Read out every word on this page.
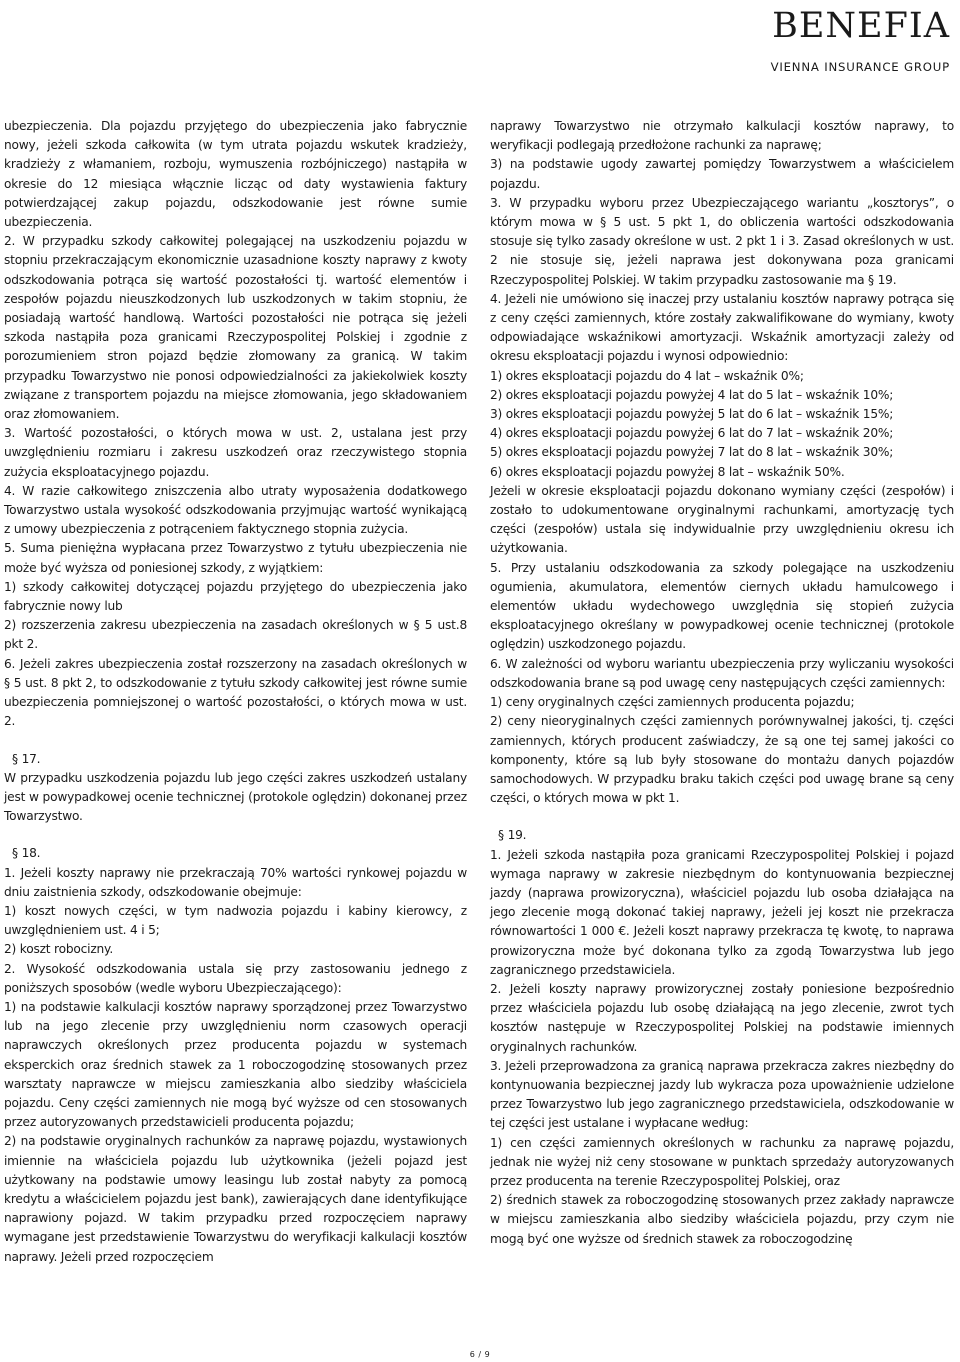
BENEFIA
VIENNA INSURANCE GROUP

ubezpieczenia. Dla pojazdu przyjętego do ubezpieczenia jako fabrycznie nowy, jeżeli szkoda całkowita (w tym utrata pojazdu wskutek kradzieży, kradzieży z włamaniem, rozboju, wymuszenia rozbójniczego) nastąpiła w okresie do 12 miesiąca włącznie licząc od daty wystawienia faktury potwierdzającej zakup pojazdu, odszkodowanie jest równe sumie ubezpieczenia.

2. W przypadku szkody całkowitej polegającej na uszkodzeniu pojazdu w stopniu przekraczającym ekonomicznie uzasadnione koszty naprawy z kwoty odszkodowania potrąca się wartość pozostałości tj. wartość elementów i zespołów pojazdu nieuszkodzonych lub uszkodzonych w takim stopniu, że posiadają wartość handlową. Wartości pozostałości nie potrąca się jeżeli szkoda nastąpiła poza granicami Rzeczypospolitej Polskiej i zgodnie z porozumieniem stron pojazd będzie złomowany za granicą. W takim przypadku Towarzystwo nie ponosi odpowiedzialności za jakiekolwiek koszty związane z transportem pojazdu na miejsce złomowania, jego składowaniem oraz złomowaniem.

3. Wartość pozostałości, o których mowa w ust. 2, ustalana jest przy uwzględnieniu rozmiaru i zakresu uszkodzeń oraz rzeczywistego stopnia zużycia eksploatacyjnego pojazdu.

4. W razie całkowitego zniszczenia albo utraty wyposażenia dodatkowego Towarzystwo ustala wysokość odszkodowania przyjmując wartość wynikającą z umowy ubezpieczenia z potrąceniem faktycznego stopnia zużycia.

5. Suma pieniężna wypłacana przez Towarzystwo z tytułu ubezpieczenia nie może być wyższa od poniesionej szkody, z wyjątkiem:

1) szkody całkowitej dotyczącej pojazdu przyjętego do ubezpieczenia jako fabrycznie nowy lub

2) rozszerzenia zakresu ubezpieczenia na zasadach określonych w § 5 ust.8 pkt 2.

6. Jeżeli zakres ubezpieczenia został rozszerzony na zasadach określonych w § 5 ust. 8 pkt 2, to odszkodowanie z tytułu szkody całkowitej jest równe sumie ubezpieczenia pomniejszonej o wartość pozostałości, o których mowa w ust. 2.

§ 17.

W przypadku uszkodzenia pojazdu lub jego części zakres uszkodzeń ustalany jest w powypadkowej ocenie technicznej (protokole oględzin) dokonanej przez Towarzystwo.

§ 18.

1. Jeżeli koszty naprawy nie przekraczają 70% wartości rynkowej pojazdu w dniu zaistnienia szkody, odszkodowanie obejmuje:

1) koszt nowych części, w tym nadwozia pojazdu i kabiny kierowcy, z uwzględnieniem ust. 4 i 5;

2) koszt robocizny.

2. Wysokość odszkodowania ustala się przy zastosowaniu jednego z poniższych sposobów (wedle wyboru Ubezpieczającego):

1) na podstawie kalkulacji kosztów naprawy sporządzonej przez Towarzystwo lub na jego zlecenie przy uwzględnieniu norm czasowych operacji naprawczych określonych przez producenta pojazdu w systemach eksperckich oraz średnich stawek za 1 roboczogodzinę stosowanych przez warsztaty naprawcze w miejscu zamieszkania albo siedziby właściciela pojazdu. Ceny części zamiennych nie mogą być wyższe od cen stosowanych przez autoryzowanych przedstawicieli producenta pojazdu;

2) na podstawie oryginalnych rachunków za naprawę pojazdu, wystawionych imiennie na właściciela pojazdu lub użytkownika (jeżeli pojazd jest użytkowany na podstawie umowy leasingu lub został nabyty za pomocą kredytu a właścicielem pojazdu jest bank), zawierających dane identyfikujące naprawiony pojazd. W takim przypadku przed rozpoczęciem naprawy wymagane jest przedstawienie Towarzystwu do weryfikacji kalkulacji kosztów naprawy. Jeżeli przed rozpoczęciem

naprawy Towarzystwo nie otrzymało kalkulacji kosztów naprawy, to weryfikacji podlegają przedłożone rachunki za naprawę;

3) na podstawie ugody zawartej pomiędzy Towarzystwem a właścicielem pojazdu.

3. W przypadku wyboru przez Ubezpieczającego wariantu „kosztorys”, o którym mowa w § 5 ust. 5 pkt 1, do obliczenia wartości odszkodowania stosuje się tylko zasady określone w ust. 2 pkt 1 i 3. Zasad określonych w ust. 2 nie stosuje się, jeżeli naprawa jest dokonywana poza granicami Rzeczypospolitej Polskiej. W takim przypadku zastosowanie ma § 19.

4. Jeżeli nie umówiono się inaczej przy ustalaniu kosztów naprawy potrąca się z ceny części zamiennych, które zostały zakwalifikowane do wymiany, kwoty odpowiadające wskaźnikowi amortyzacji. Wskaźnik amortyzacji zależy od okresu eksploatacji pojazdu i wynosi odpowiednio:

1) okres eksploatacji pojazdu do 4 lat – wskaźnik 0%;

2) okres eksploatacji pojazdu powyżej 4 lat do 5 lat – wskaźnik 10%;

3) okres eksploatacji pojazdu powyżej 5 lat do 6 lat – wskaźnik 15%;

4) okres eksploatacji pojazdu powyżej 6 lat do 7 lat – wskaźnik 20%;

5) okres eksploatacji pojazdu powyżej 7 lat do 8 lat – wskaźnik 30%;

6) okres eksploatacji pojazdu powyżej 8 lat – wskaźnik 50%.

Jeżeli w okresie eksploatacji pojazdu dokonano wymiany części (zespołów) i zostało to udokumentowane oryginalnymi rachunkami, amortyzację tych części (zespołów) ustala się indywidualnie przy uwzględnieniu okresu ich użytkowania.

5. Przy ustalaniu odszkodowania za szkody polegające na uszkodzeniu ogumienia, akumulatora, elementów ciernych układu hamulcowego i elementów układu wydechowego uwzględnia się stopień zużycia eksploatacyjnego określany w powypadkowej ocenie technicznej (protokole oględzin) uszkodzonego pojazdu.

6. W zależności od wyboru wariantu ubezpieczenia przy wyliczaniu wysokości odszkodowania brane są pod uwagę ceny następujących części zamiennych:

1) ceny oryginalnych części zamiennych producenta pojazdu;

2) ceny nieoryginalnych części zamiennych porównywalnej jakości, tj. części zamiennych, których producent zaświadczy, że są one tej samej jakości co komponenty, które są lub były stosowane do montażu danych pojazdów samochodowych. W przypadku braku takich części pod uwagę brane są ceny części, o których mowa w pkt 1.

§ 19.

1. Jeżeli szkoda nastąpiła poza granicami Rzeczypospolitej Polskiej i pojazd wymaga naprawy w zakresie niezbędnym do kontynuowania bezpiecznej jazdy (naprawa prowizoryczna), właściciel pojazdu lub osoba działająca na jego zlecenie mogą dokonać takiej naprawy, jeżeli jej koszt nie przekracza równowartości 1 000 €. Jeżeli koszt naprawy przekracza tę kwotę, to naprawa prowizoryczna może być dokonana tylko za zgodą Towarzystwa lub jego zagranicznego przedstawiciela.

2. Jeżeli koszty naprawy prowizorycznej zostały poniesione bezpośrednio przez właściciela pojazdu lub osobę działającą na jego zlecenie, zwrot tych kosztów następuje w Rzeczypospolitej Polskiej na podstawie imiennych oryginalnych rachunków.

3. Jeżeli przeprowadzona za granicą naprawa przekracza zakres niezbędny do kontynuowania bezpiecznej jazdy lub wykracza poza upoważnienie udzielone przez Towarzystwo lub jego zagranicznego przedstawiciela, odszkodowanie w tej części jest ustalane i wypłacane według:

1) cen części zamiennych określonych w rachunku za naprawę pojazdu, jednak nie wyżej niż ceny stosowane w punktach sprzedaży autoryzowanych przez producenta na terenie Rzeczypospolitej Polskiej, oraz

2) średnich stawek za roboczogodzinę stosowanych przez zakłady naprawcze w miejscu zamieszkania albo siedziby właściciela pojazdu, przy czym nie mogą być one wyższe od średnich stawek za roboczogodzinę

6 / 9
